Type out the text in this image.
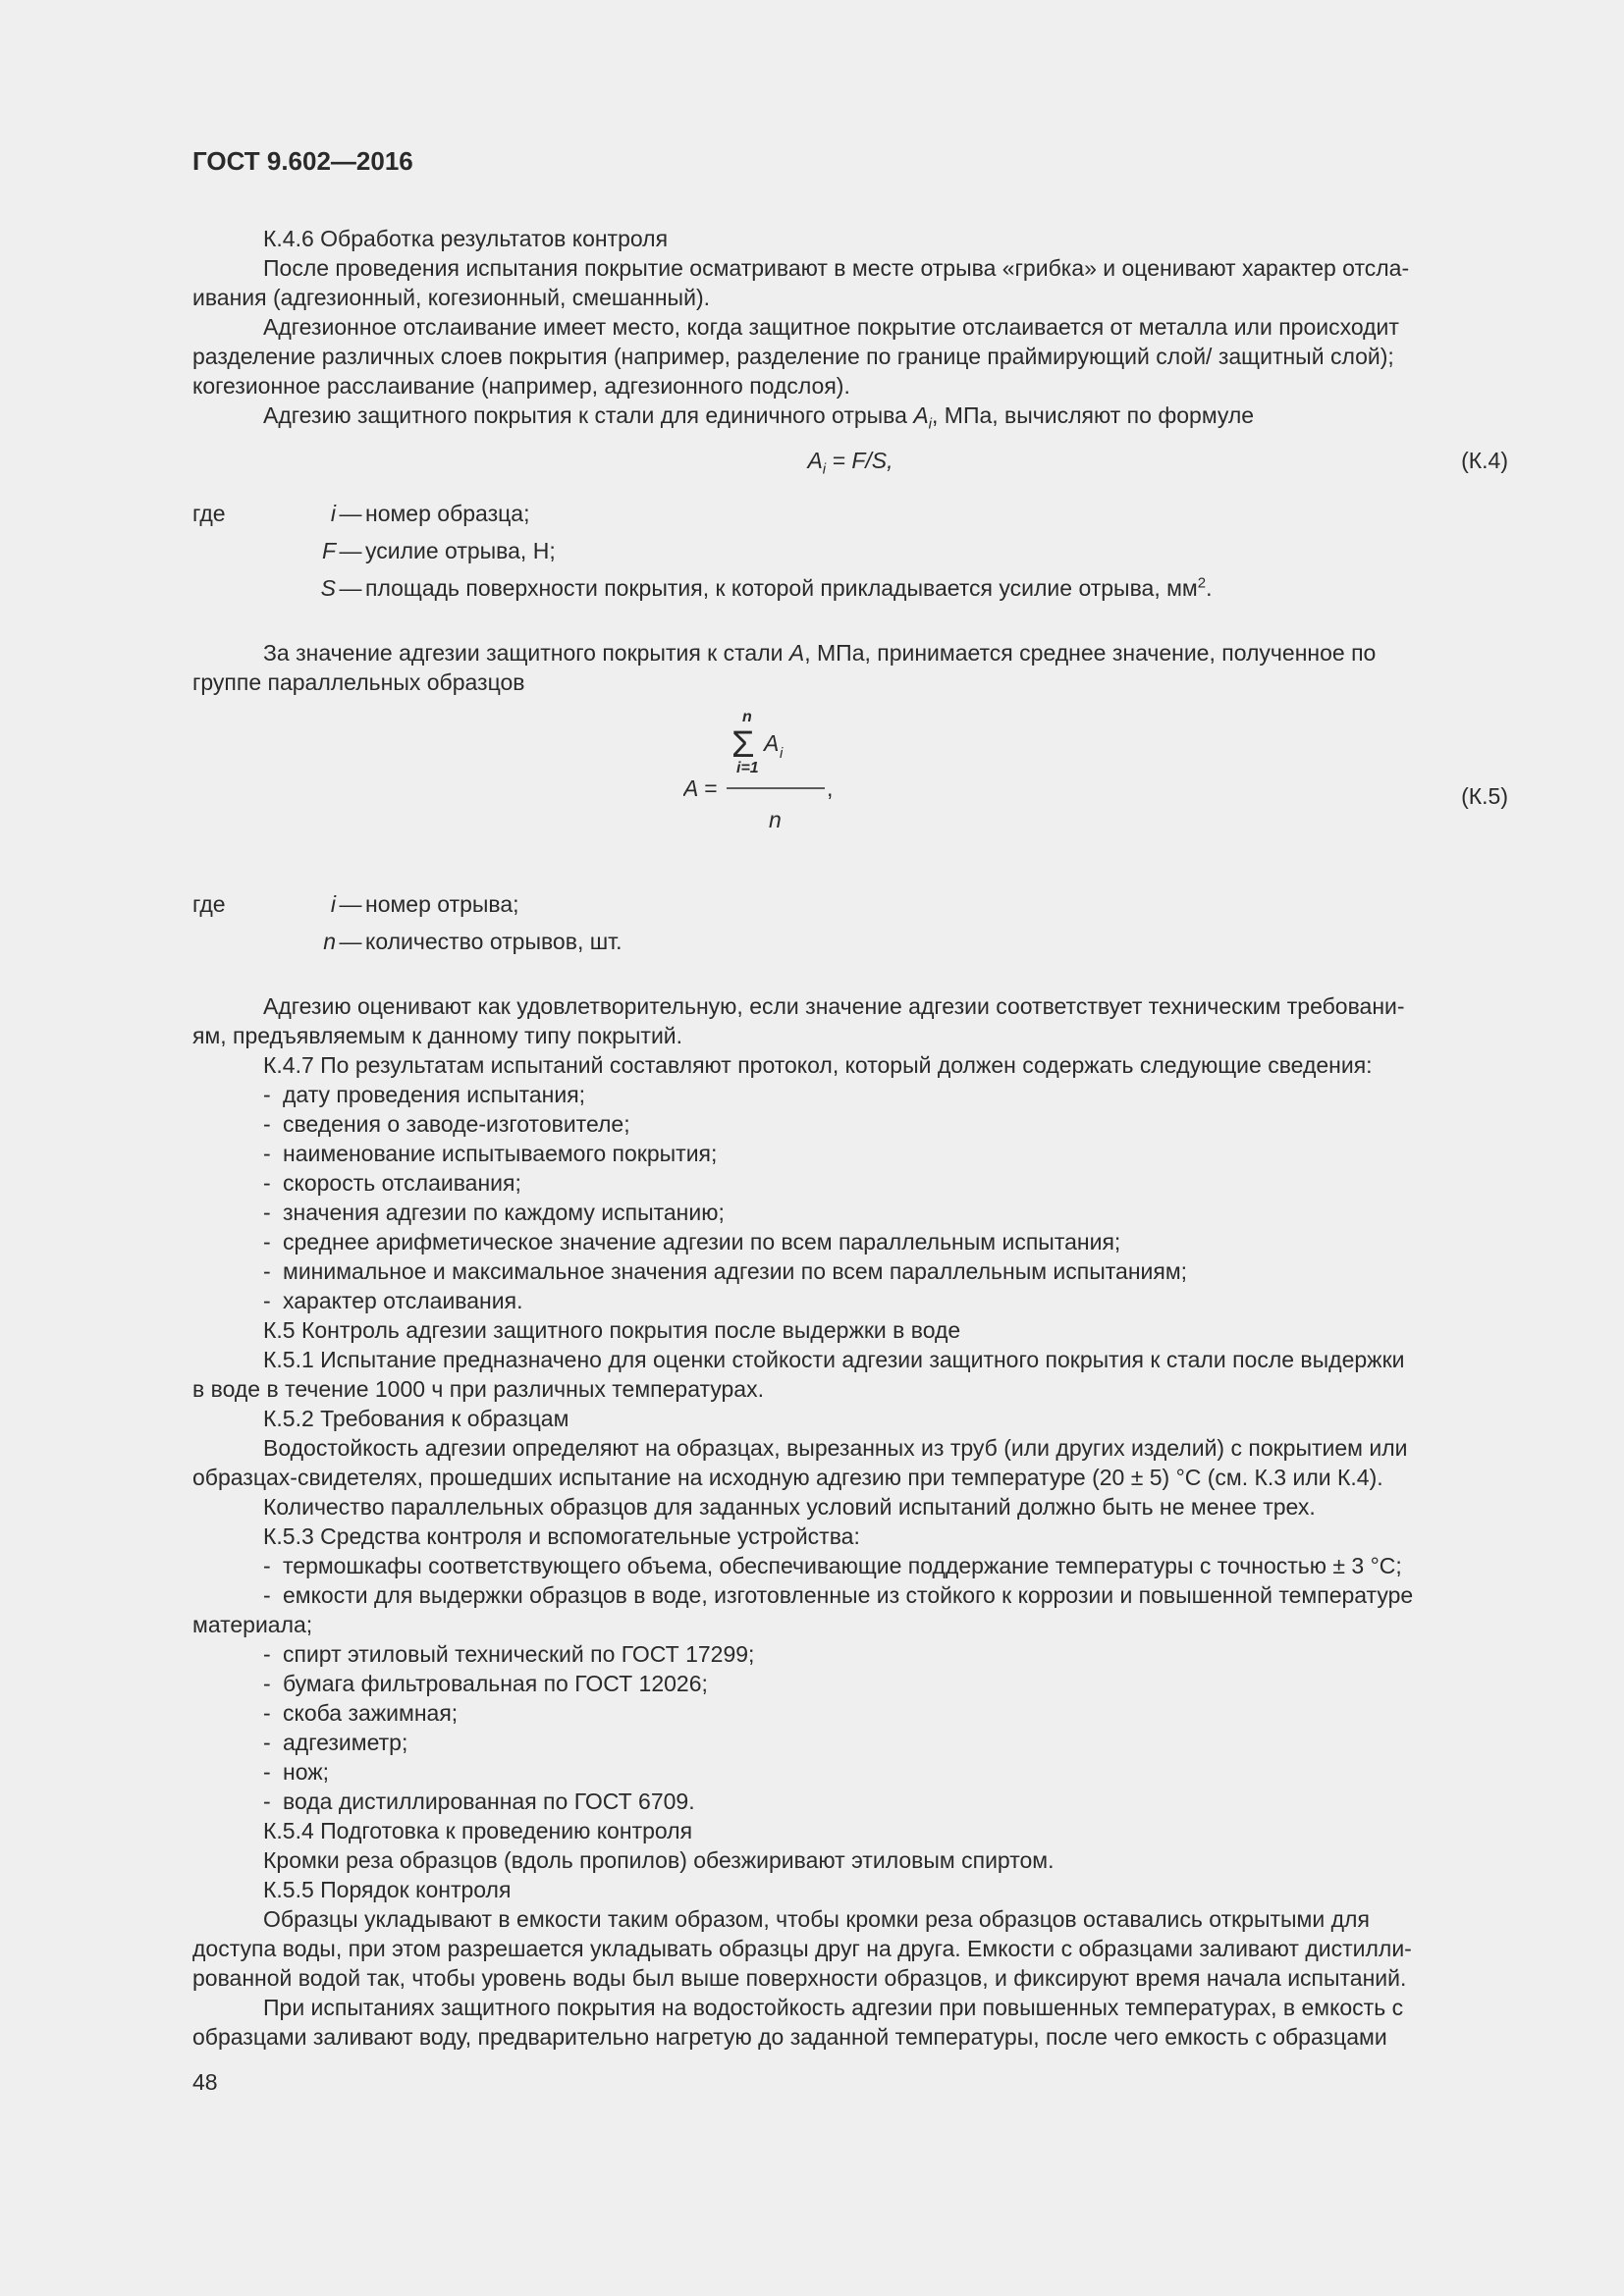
ГОСТ 9.602—2016

К.4.6 Обработка результатов контроля

После проведения испытания покрытие осматривают в месте отрыва «грибка» и оценивают характер отсла-

ивания (адгезионный, когезионный, смешанный).

Адгезионное отслаивание имеет место, когда защитное покрытие отслаивается от металла или происходит

разделение различных слоев покрытия (например, разделение по границе праймирующий слой/ защитный слой);

когезионное расслаивание (например, адгезионного подслоя).

Адгезию защитного покрытия к стали для единичного отрыва $A_i$, МПа, вычисляют по формуле

$A_i = F/S$,	(К.4)
где	i — номер образца;
F — усилие отрыва, Н;
S — площадь поверхности покрытия, к которой прикладывается усилие отрыва, $мм^2$.

За значение адгезии защитного покрытия к стали A, МПа, принимается среднее значение, полученное по

группе параллельных образцов

A =
n
Σ
i=1
A i
,
n
(К.5)
где	i — номер отрыва;
n — количество отрывов, шт.

Адгезию оценивают как удовлетворительную, если значение адгезии соответствует техническим требовани-

ям, предъявляемым к данному типу покрытий.

К.4.7 По результатам испытаний составляют протокол, который должен содержать следующие сведения:

- дату проведения испытания;

- сведения о заводе-изготовителе;

- наименование испытываемого покрытия;

- скорость отслаивания;

- значения адгезии по каждому испытанию;

- среднее арифметическое значение адгезии по всем параллельным испытания;

- минимальное и максимальное значения адгезии по всем параллельным испытаниям;

- характер отслаивания.

К.5 Контроль адгезии защитного покрытия после выдержки в воде

К.5.1 Испытание предназначено для оценки стойкости адгезии защитного покрытия к стали после выдержки

в воде в течение 1000 ч при различных температурах.

К.5.2 Требования к образцам

Водостойкость адгезии определяют на образцах, вырезанных из труб (или других изделий) с покрытием или

образцах-свидетелях, прошедших испытание на исходную адгезию при температуре (20 ± 5) °C (см. К.3 или К.4).

Количество параллельных образцов для заданных условий испытаний должно быть не менее трех.

К.5.3 Средства контроля и вспомогательные устройства:

- термошкафы соответствующего объема, обеспечивающие поддержание температуры с точностью ± 3 °C;

- емкости для выдержки образцов в воде, изготовленные из стойкого к коррозии и повышенной температуре

материала;

- спирт этиловый технический по ГОСТ 17299;

- бумага фильтровальная по ГОСТ 12026;

- скоба зажимная;

- адгезиметр;

- нож;

- вода дистиллированная по ГОСТ 6709.

К.5.4 Подготовка к проведению контроля

Кромки реза образцов (вдоль пропилов) обезжиривают этиловым спиртом.

К.5.5 Порядок контроля

Образцы укладывают в емкости таким образом, чтобы кромки реза образцов оставались открытыми для

доступа воды, при этом разрешается укладывать образцы друг на друга. Емкости с образцами заливают дистилли-

рованной водой так, чтобы уровень воды был выше поверхности образцов, и фиксируют время начала испытаний.

При испытаниях защитного покрытия на водостойкость адгезии при повышенных температурах, в емкость с

образцами заливают воду, предварительно нагретую до заданной температуры, после чего емкость с образцами

48
